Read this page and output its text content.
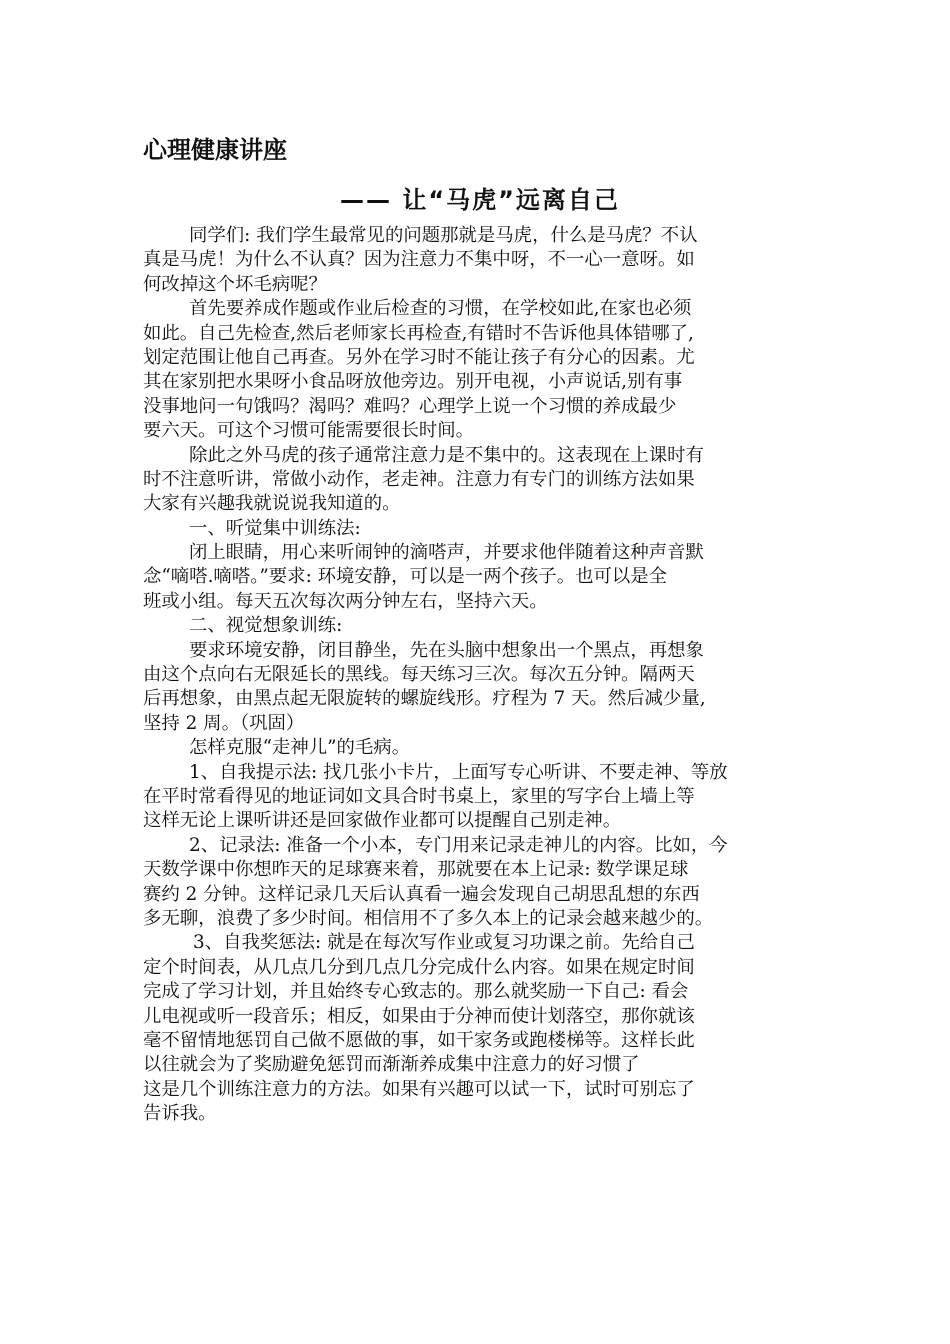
心理健康讲座
—— 让“马虎”远离自己
同学们: 我们学生最常见的问题那就是马虎，什么是马虎？不认
真是马虎！为什么不认真？因为注意力不集中呀，不一心一意呀。如
何改掉这个坏毛病呢？
首先要养成作题或作业后检查的习惯，在学校如此,在家也必须
如此。自己先检查,然后老师家长再检查,有错时不告诉他具体错哪了,
划定范围让他自己再查。另外在学习时不能让孩子有分心的因素。尤
其在家别把水果呀小食品呀放他旁边。别开电视，小声说话,别有事
没事地问一句饿吗？渴吗？难吗？心理学上说一个习惯的养成最少
要六天。可这个习惯可能需要很长时间。
除此之外马虎的孩子通常注意力是不集中的。这表现在上课时有
时不注意听讲，常做小动作，老走神。注意力有专门的训练方法如果
大家有兴趣我就说说我知道的。
一、听觉集中训练法:
闭上眼睛，用心来听闹钟的滴嗒声，并要求他伴随着这种声音默
念“嘀嗒.嘀嗒。”要求: 环境安静，可以是一两个孩子。也可以是全
班或小组。每天五次每次两分钟左右，坚持六天。
二、视觉想象训练:
要求环境安静，闭目静坐，先在头脑中想象出一个黑点，再想象
由这个点向右无限延长的黑线。每天练习三次。每次五分钟。隔两天
后再想象，由黑点起无限旋转的螺旋线形。疗程为 7 天。然后减少量,
坚持 2 周。（巩固）
怎样克服“走神儿”的毛病。
1、自我提示法: 找几张小卡片，上面写专心听讲、不要走神、等放
在平时常看得见的地证词如文具合时书桌上，家里的写字台上墙上等
这样无论上课听讲还是回家做作业都可以提醒自己别走神。
2、记录法: 准备一个小本，专门用来记录走神儿的内容。比如，今
天数学课中你想昨天的足球赛来着，那就要在本上记录: 数学课足球
赛约 2 分钟。这样记录几天后认真看一遍会发现自己胡思乱想的东西
多无聊，浪费了多少时间。相信用不了多久本上的记录会越来越少的。
3、自我奖惩法: 就是在每次写作业或复习功课之前。先给自己
定个时间表，从几点几分到几点几分完成什么内容。如果在规定时间
完成了学习计划，并且始终专心致志的。那么就奖励一下自己: 看会
儿电视或听一段音乐；相反，如果由于分神而使计划落空，那你就该
毫不留情地惩罚自己做不愿做的事，如干家务或跑楼梯等。这样长此
以往就会为了奖励避免惩罚而渐渐养成集中注意力的好习惯了
这是几个训练注意力的方法。如果有兴趣可以试一下，试时可别忘了
告诉我。
